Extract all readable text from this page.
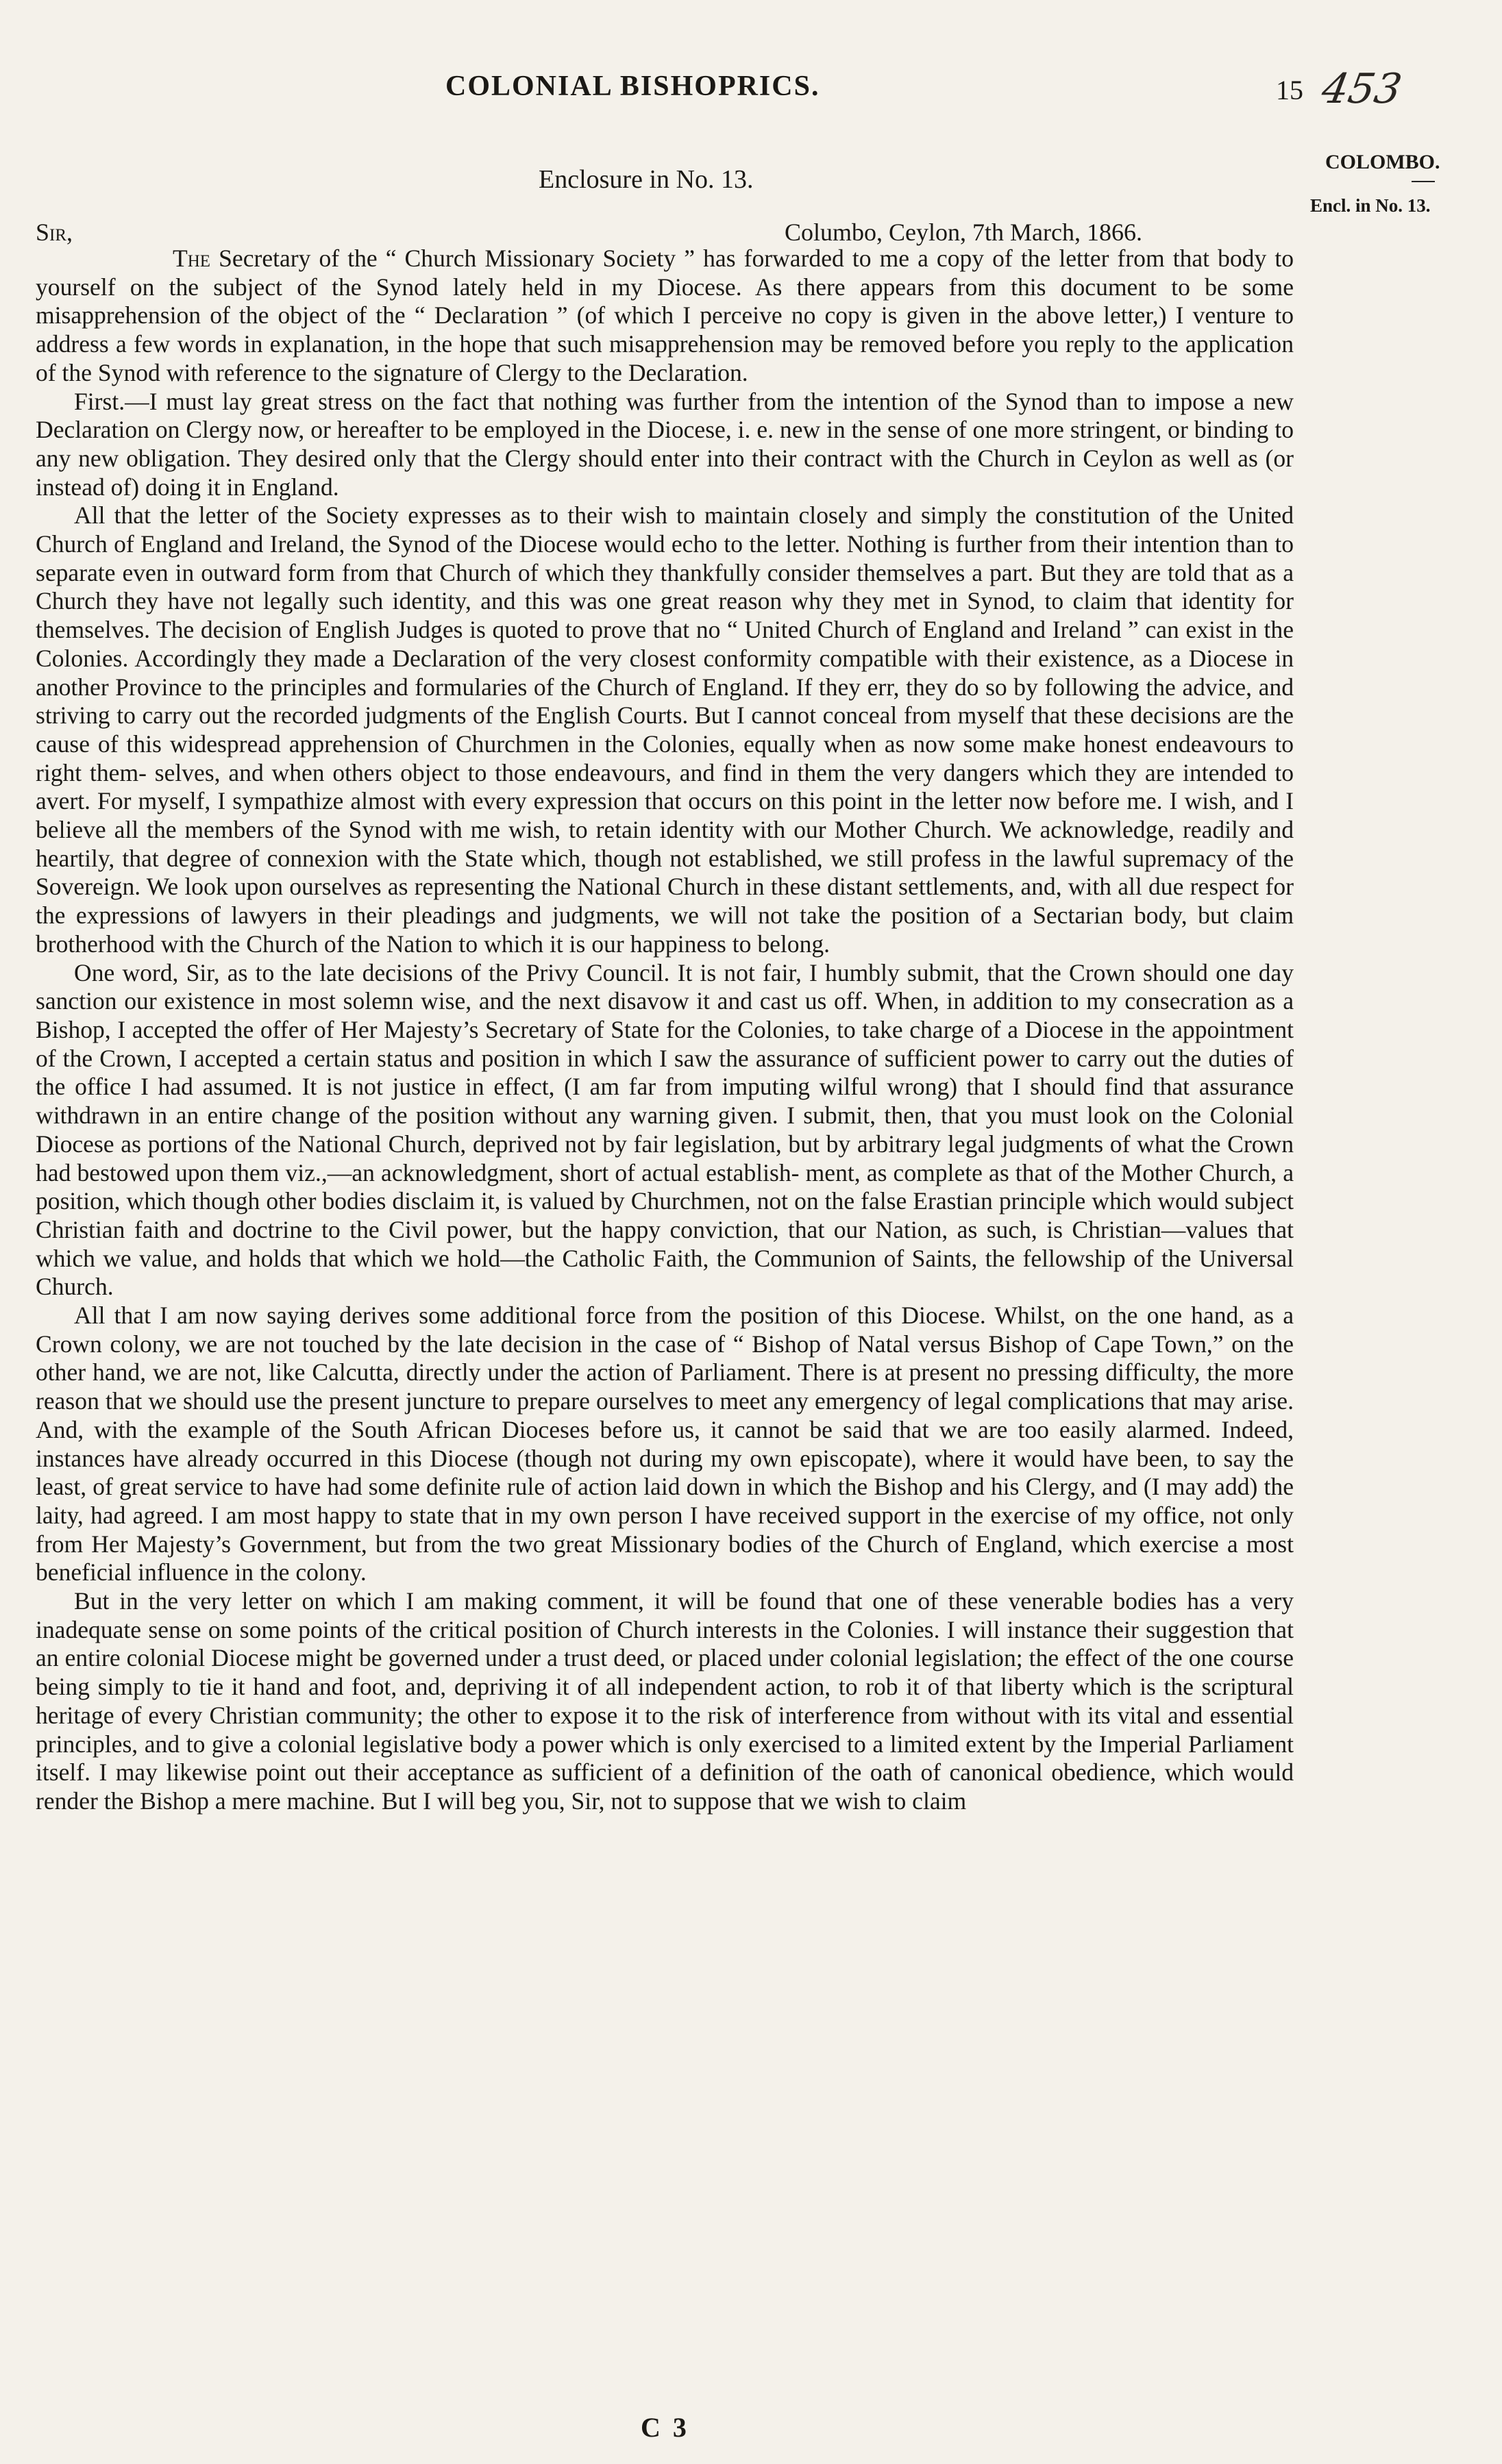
COLONIAL BISHOPRICS.	15 453
COLOMBO.
Encl. in No. 13.
Enclosure in No. 13.
Sir,	Columbo, Ceylon, 7th March, 1866.

The Secretary of the “ Church Missionary Society ” has forwarded to me a copy of the letter from that body to yourself on the subject of the Synod lately held in my Diocese. As there appears from this document to be some misapprehension of the object of the “ Declaration ” (of which I perceive no copy is given in the above letter,) I venture to address a few words in explanation, in the hope that such misapprehension may be removed before you reply to the application of the Synod with reference to the signature of Clergy to the Declaration.

First.—I must lay great stress on the fact that nothing was further from the intention of the Synod than to impose a new Declaration on Clergy now, or hereafter to be employed in the Diocese, i. e. new in the sense of one more stringent, or binding to any new obligation. They desired only that the Clergy should enter into their contract with the Church in Ceylon as well as (or instead of) doing it in England.

All that the letter of the Society expresses as to their wish to maintain closely and simply the constitution of the United Church of England and Ireland, the Synod of the Diocese would echo to the letter. Nothing is further from their intention than to separate even in outward form from that Church of which they thankfully consider themselves a part. But they are told that as a Church they have not legally such identity, and this was one great reason why they met in Synod, to claim that identity for themselves. The decision of English Judges is quoted to prove that no “ United Church of England and Ireland ” can exist in the Colonies. Accordingly they made a Declaration of the very closest conformity compatible with their existence, as a Diocese in another Province to the principles and formularies of the Church of England. If they err, they do so by following the advice, and striving to carry out the recorded judgments of the English Courts. But I cannot conceal from myself that these decisions are the cause of this widespread apprehension of Churchmen in the Colonies, equally when as now some make honest endeavours to right them- selves, and when others object to those endeavours, and find in them the very dangers which they are intended to avert. For myself, I sympathize almost with every expression that occurs on this point in the letter now before me. I wish, and I believe all the members of the Synod with me wish, to retain identity with our Mother Church. We acknowledge, readily and heartily, that degree of connexion with the State which, though not established, we still profess in the lawful supremacy of the Sovereign. We look upon ourselves as representing the National Church in these distant settlements, and, with all due respect for the expressions of lawyers in their pleadings and judgments, we will not take the position of a Sectarian body, but claim brotherhood with the Church of the Nation to which it is our happiness to belong.

One word, Sir, as to the late decisions of the Privy Council. It is not fair, I humbly submit, that the Crown should one day sanction our existence in most solemn wise, and the next disavow it and cast us off. When, in addition to my consecration as a Bishop, I accepted the offer of Her Majesty’s Secretary of State for the Colonies, to take charge of a Diocese in the appointment of the Crown, I accepted a certain status and position in which I saw the assurance of sufficient power to carry out the duties of the office I had assumed. It is not justice in effect, (I am far from imputing wilful wrong) that I should find that assurance withdrawn in an entire change of the position without any warning given. I submit, then, that you must look on the Colonial Diocese as portions of the National Church, deprived not by fair legislation, but by arbitrary legal judgments of what the Crown had bestowed upon them viz.,—an acknowledgment, short of actual establish- ment, as complete as that of the Mother Church, a position, which though other bodies disclaim it, is valued by Churchmen, not on the false Erastian principle which would subject Christian faith and doctrine to the Civil power, but the happy conviction, that our Nation, as such, is Christian—values that which we value, and holds that which we hold—the Catholic Faith, the Communion of Saints, the fellowship of the Universal Church.

All that I am now saying derives some additional force from the position of this Diocese. Whilst, on the one hand, as a Crown colony, we are not touched by the late decision in the case of “ Bishop of Natal versus Bishop of Cape Town,” on the other hand, we are not, like Calcutta, directly under the action of Parliament. There is at present no pressing difficulty, the more reason that we should use the present juncture to prepare ourselves to meet any emergency of legal complications that may arise. And, with the example of the South African Dioceses before us, it cannot be said that we are too easily alarmed. Indeed, instances have already occurred in this Diocese (though not during my own episcopate), where it would have been, to say the least, of great service to have had some definite rule of action laid down in which the Bishop and his Clergy, and (I may add) the laity, had agreed. I am most happy to state that in my own person I have received support in the exercise of my office, not only from Her Majesty’s Government, but from the two great Missionary bodies of the Church of England, which exercise a most beneficial influence in the colony.

But in the very letter on which I am making comment, it will be found that one of these venerable bodies has a very inadequate sense on some points of the critical position of Church interests in the Colonies. I will instance their suggestion that an entire colonial Diocese might be governed under a trust deed, or placed under colonial legislation; the effect of the one course being simply to tie it hand and foot, and, depriving it of all independent action, to rob it of that liberty which is the scriptural heritage of every Christian community; the other to expose it to the risk of interference from without with its vital and essential principles, and to give a colonial legislative body a power which is only exercised to a limited extent by the Imperial Parliament itself. I may likewise point out their acceptance as sufficient of a definition of the oath of canonical obedience, which would render the Bishop a mere machine. But I will beg you, Sir, not to suppose that we wish to claim

C 3
